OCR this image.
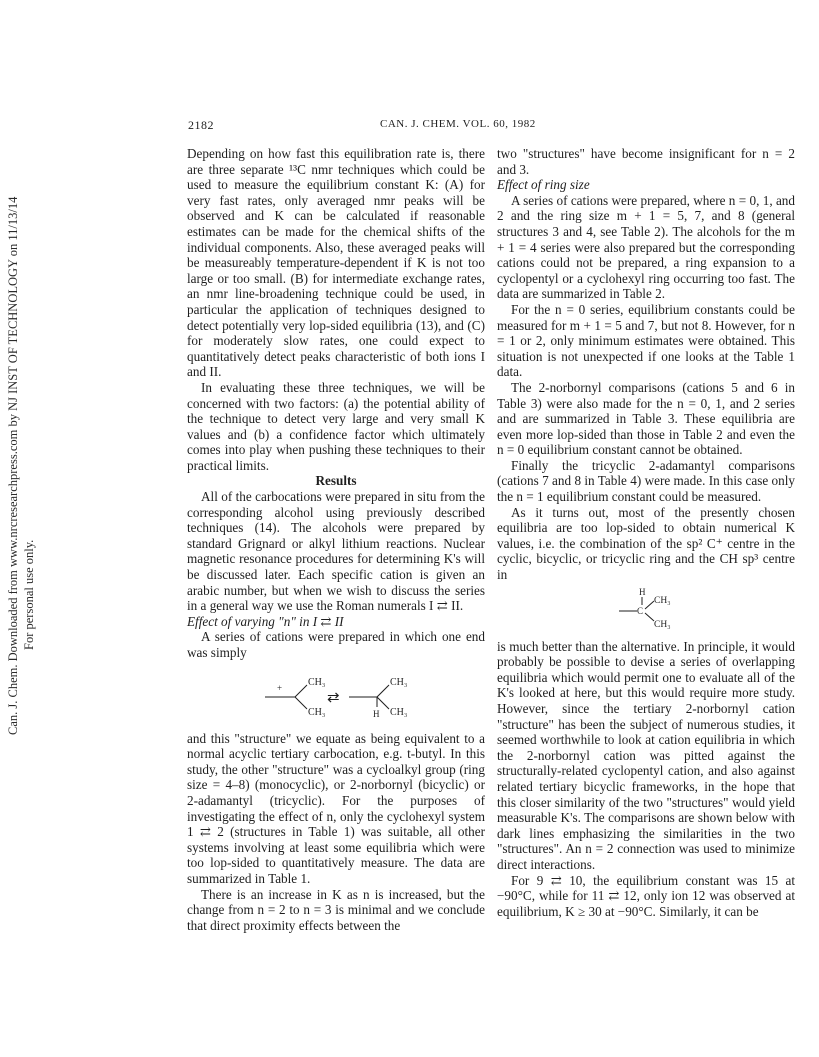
Can. J. Chem. Downloaded from www.nrcresearchpress.com by NJ INST OF TECHNOLOGY on 11/13/14 For personal use only.
2182	CAN. J. CHEM. VOL. 60, 1982

Depending on how fast this equilibration rate is, there are three separate ¹³C nmr techniques which could be used to measure the equilibrium constant K: (A) for very fast rates, only averaged nmr peaks will be observed and K can be calculated if reasonable estimates can be made for the chemical shifts of the individual components. Also, these averaged peaks will be measureably temperature-dependent if K is not too large or too small. (B) for intermediate exchange rates, an nmr line-broadening technique could be used, in particular the application of techniques designed to detect potentially very lop-sided equilibria (13), and (C) for moderately slow rates, one could expect to quantitatively detect peaks characteristic of both ions I and II.

In evaluating these three techniques, we will be concerned with two factors: (a) the potential ability of the technique to detect very large and very small K values and (b) a confidence factor which ultimately comes into play when pushing these techniques to their practical limits.

Results

All of the carbocations were prepared in situ from the corresponding alcohol using previously described techniques (14). The alcohols were prepared by standard Grignard or alkyl lithium reactions. Nuclear magnetic resonance procedures for determining K's will be discussed later. Each specific cation is given an arabic number, but when we wish to discuss the series in a general way we use the Roman numerals I ⇄ II.

Effect of varying "n" in I ⇄ II

A series of cations were prepared in which one end was simply

+	CH₃
CH₃
⇄
H
CH₃
CH₃

and this "structure" we equate as being equivalent to a normal acyclic tertiary carbocation, e.g. t-butyl. In this study, the other "structure" was a cycloalkyl group (ring size = 4–8) (monocyclic), or 2-norbornyl (bicyclic) or 2-adamantyl (tricyclic). For the purposes of investigating the effect of n, only the cyclohexyl system 1 ⇄ 2 (structures in Table 1) was suitable, all other systems involving at least some equilibria which were too lop-sided to quantitatively measure. The data are summarized in Table 1.

There is an increase in K as n is increased, but the change from n = 2 to n = 3 is minimal and we conclude that direct proximity effects between the

two "structures" have become insignificant for n = 2 and 3.

Effect of ring size

A series of cations were prepared, where n = 0, 1, and 2 and the ring size m + 1 = 5, 7, and 8 (general structures 3 and 4, see Table 2). The alcohols for the m + 1 = 4 series were also prepared but the corresponding cations could not be prepared, a ring expansion to a cyclopentyl or a cyclohexyl ring occurring too fast. The data are summarized in Table 2.

For the n = 0 series, equilibrium constants could be measured for m + 1 = 5 and 7, but not 8. However, for n = 1 or 2, only minimum estimates were obtained. This situation is not unexpected if one looks at the Table 1 data.

The 2-norbornyl comparisons (cations 5 and 6 in Table 3) were also made for the n = 0, 1, and 2 series and are summarized in Table 3. These equilibria are even more lop-sided than those in Table 2 and even the n = 0 equilibrium constant cannot be obtained.

Finally the tricyclic 2-adamantyl comparisons (cations 7 and 8 in Table 4) were made. In this case only the n = 1 equilibrium constant could be measured.

As it turns out, most of the presently chosen equilibria are too lop-sided to obtain numerical K values, i.e. the combination of the sp² C⁺ centre in the cyclic, bicyclic, or tricyclic ring and the CH sp³ centre in

H
C
CH₃
CH₃

is much better than the alternative. In principle, it would probably be possible to devise a series of overlapping equilibria which would permit one to evaluate all of the K's looked at here, but this would require more study. However, since the tertiary 2-norbornyl cation "structure" has been the subject of numerous studies, it seemed worthwhile to look at cation equilibria in which the 2-norbornyl cation was pitted against the structurally-related cyclopentyl cation, and also against related tertiary bicyclic frameworks, in the hope that this closer similarity of the two "structures" would yield measurable K's. The comparisons are shown below with dark lines emphasizing the similarities in the two "structures". An n = 2 connection was used to minimize direct interactions.

For 9 ⇄ 10, the equilibrium constant was 15 at −90°C, while for 11 ⇄ 12, only ion 12 was observed at equilibrium, K ≥ 30 at −90°C. Similarly, it can be
